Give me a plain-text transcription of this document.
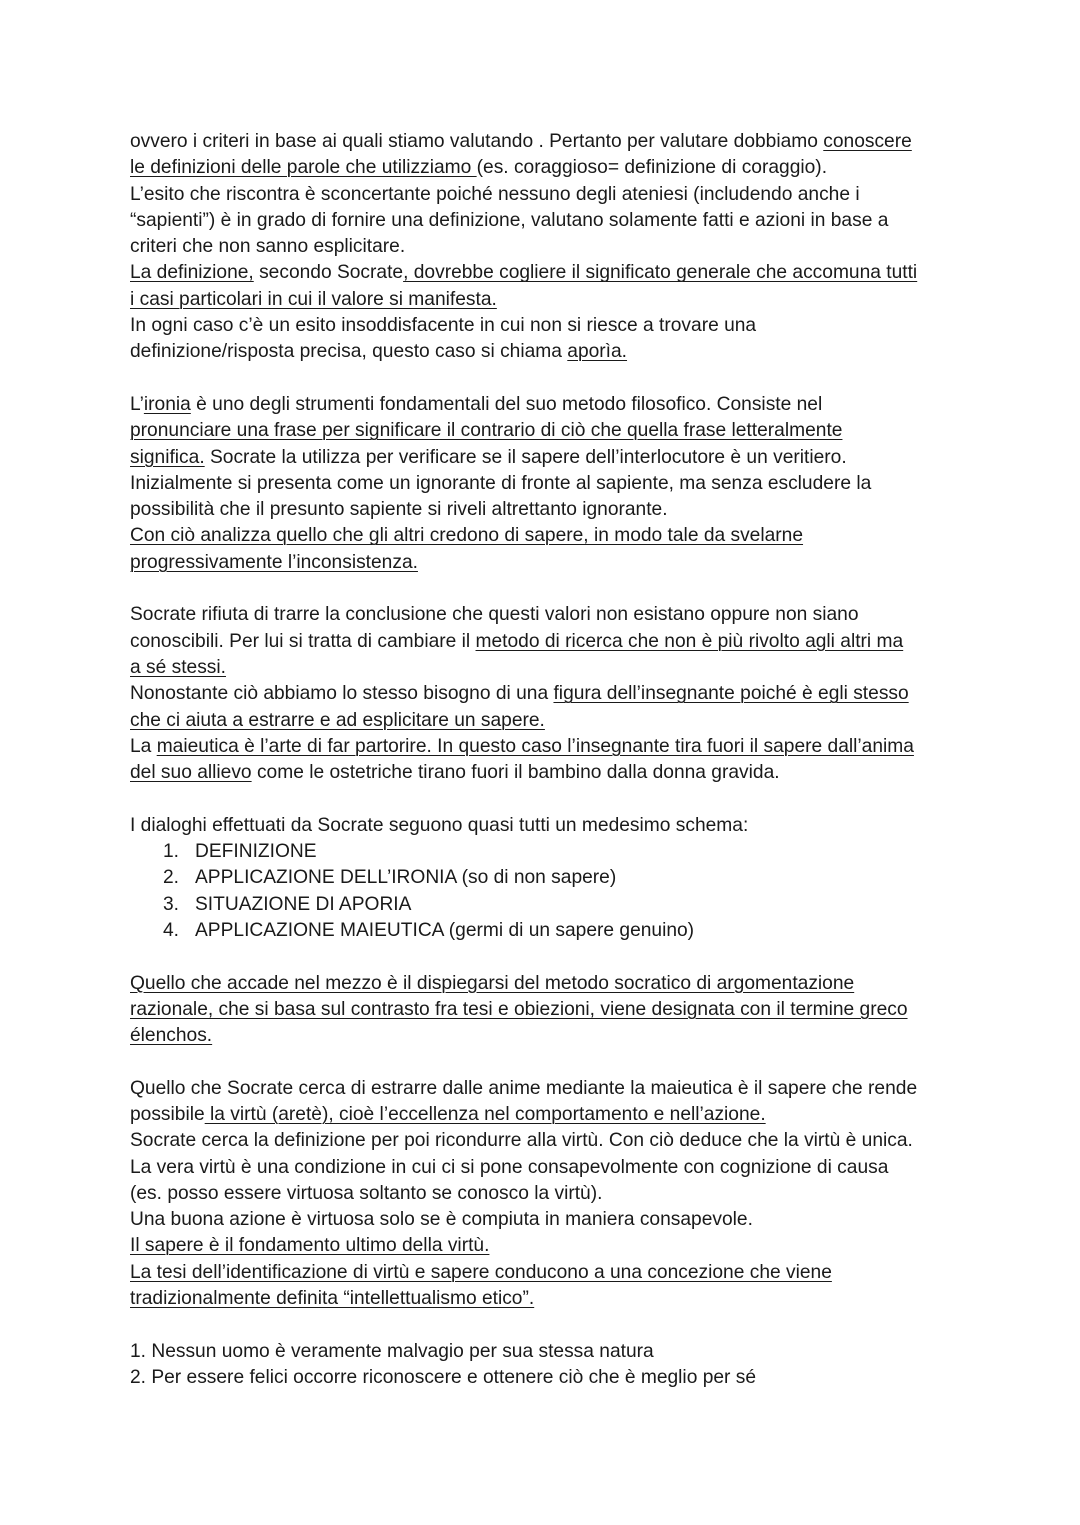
ovvero i criteri in base ai quali stiamo valutando . Pertanto per valutare dobbiamo conoscere
le definizioni delle parole che utilizziamo (es. coraggioso= definizione di coraggio).
L’esito che riscontra è sconcertante poiché nessuno degli ateniesi (includendo anche i
“sapienti”) è in grado di fornire una definizione, valutano solamente fatti e azioni in base a
criteri che non sanno esplicitare.
La definizione, secondo Socrate, dovrebbe cogliere il significato generale che accomuna tutti
i casi particolari in cui il valore si manifesta.
In ogni caso c’è un esito insoddisfacente in cui non si riesce a trovare una
definizione/risposta precisa, questo caso si chiama aporìa.
L’ironia è uno degli strumenti fondamentali del suo metodo filosofico. Consiste nel
pronunciare una frase per significare il contrario di ciò che quella frase letteralmente
significa. Socrate la utilizza per verificare se il sapere dell’interlocutore è un veritiero.
Inizialmente si presenta come un ignorante di fronte al sapiente, ma senza escludere la
possibilità che il presunto sapiente si riveli altrettanto ignorante.
Con ciò analizza quello che gli altri credono di sapere, in modo tale da svelarne
progressivamente l’inconsistenza.
Socrate rifiuta di trarre la conclusione che questi valori non esistano oppure non siano
conoscibili. Per lui si tratta di cambiare il metodo di ricerca che non è più rivolto agli altri ma
a sé stessi.
Nonostante ciò abbiamo lo stesso bisogno di una figura dell’insegnante poiché è egli stesso
che ci aiuta a estrarre e ad esplicitare un sapere.
La maieutica è l’arte di far partorire. In questo caso l’insegnante tira fuori il sapere dall’anima
del suo allievo come le ostetriche tirano fuori il bambino dalla donna gravida.
I dialoghi effettuati da Socrate seguono quasi tutti un medesimo schema:
1. DEFINIZIONE
2. APPLICAZIONE DELL’IRONIA (so di non sapere)
3. SITUAZIONE DI APORIA
4. APPLICAZIONE MAIEUTICA (germi di un sapere genuino)
Quello che accade nel mezzo è il dispiegarsi del metodo socratico di argomentazione
razionale, che si basa sul contrasto fra tesi e obiezioni, viene designata con il termine greco
élenchos.
Quello che Socrate cerca di estrarre dalle anime mediante la maieutica è il sapere che rende
possibile la virtù (aretè), cioè l’eccellenza nel comportamento e nell’azione.
Socrate cerca la definizione per poi ricondurre alla virtù. Con ciò deduce che la virtù è unica.
La vera virtù è una condizione in cui ci si pone consapevolmente con cognizione di causa
(es. posso essere virtuosa soltanto se conosco la virtù).
Una buona azione è virtuosa solo se è compiuta in maniera consapevole.
Il sapere è il fondamento ultimo della virtù.
La tesi dell’identificazione di virtù e sapere conducono a una concezione che viene
tradizionalmente definita “intellettualismo etico”.
1. Nessun uomo è veramente malvagio per sua stessa natura
2. Per essere felici occorre riconoscere e ottenere ciò che è meglio per sé
